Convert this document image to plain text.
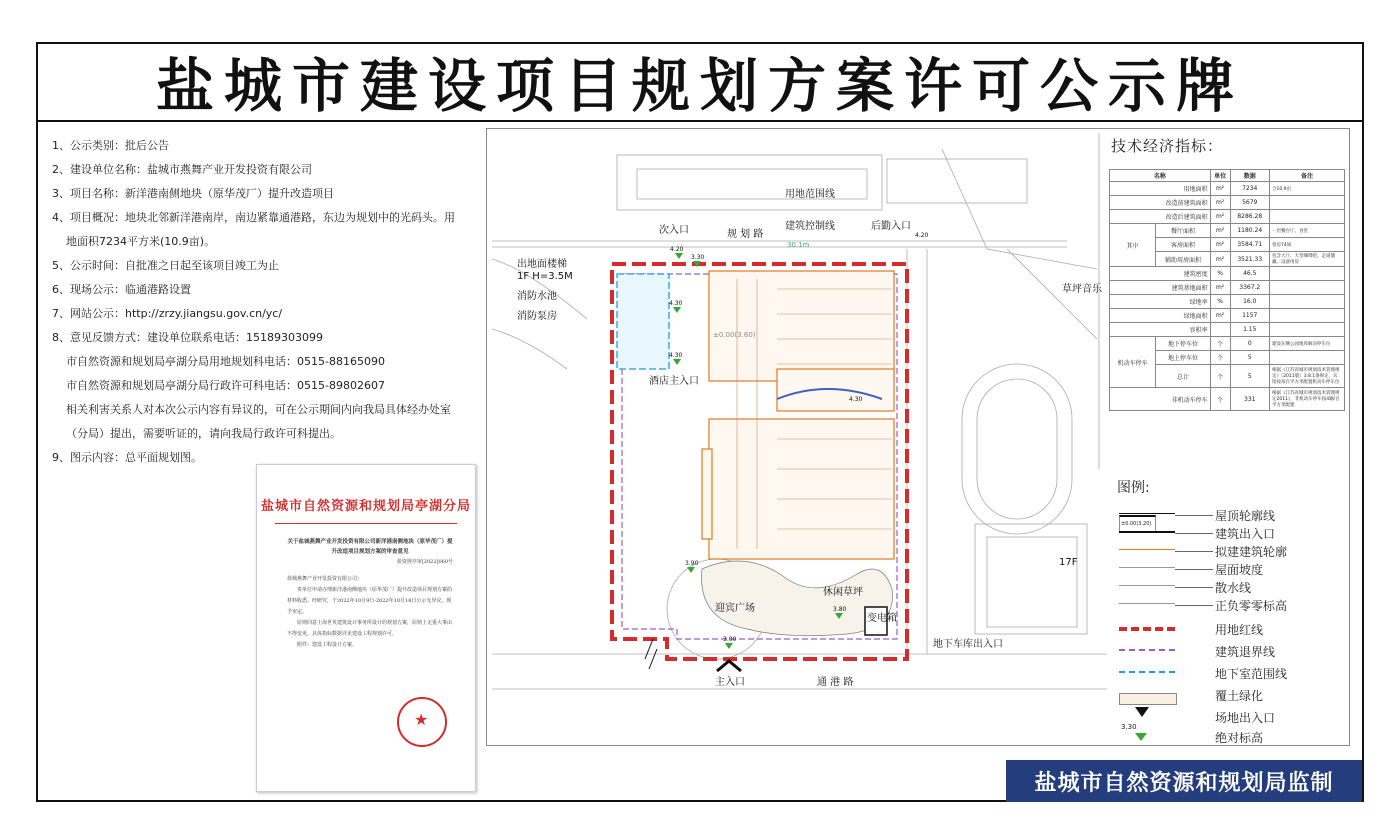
盐城市建设项目规划方案许可公示牌
1、公示类别：批后公告
2、建设单位名称：盐城市燕舞产业开发投资有限公司
3、项目名称：新洋港南侧地块（原华茂厂）提升改造项目
4、项目概况：地块北邻新洋港南岸，南边紧靠通港路，东边为规划中的光码头。用
地面积7234平方米(10.9亩)。
5、公示时间：自批准之日起至该项目竣工为止
6、现场公示：临通港路设置
7、网站公示：http://zrzy.jiangsu.gov.cn/yc/
8、意见反馈方式：建设单位联系电话：15189303099
市自然资源和规划局亭湖分局用地规划科电话：0515-88165090
市自然资源和规划局亭湖分局行政许可科电话：0515-89802607
相关利害关系人对本次公示内容有异议的，可在公示期间内向我局具体经办处室
（分局）提出，需要听证的，请向我局行政许可科提出。
9、图示内容：总平面规划图。
盐城市自然资源和规划局亭湖分局
关于盐城燕舞产业开发投资有限公司新洋港南侧地块（原华茂厂）提升改造项目规划方案的审查意见
盐资规亭审[2022]060号
盐城燕舞产业开发投资有限公司：
贵单位申请办理新洋港南侧地块（原华茂厂）提升改造项目规划方案的材料收悉。经研究，于2022年10月9日-2022年10月18日公示无异议，现予审定。
原则同意上海世英建筑设计事务所设计的规划方案，原则上无重大事由不得变更，具体指标数据详见建设工程规划许可。
附件：建设工程设计方案。
★
用地范围线
建筑控制线
次入口	规 划 路
后勤入口
出地面楼梯
1F H=3.5M
消防水池
消防泵房
酒店主入口
草坪音乐
迎宾广场
休闲草坪
变电箱
地下车库出入口
主入口	通 港 路
17F
±0.00(3.60)
30.1m
4.20
3.30
4.30
4.30
4.30
3.90
3.00
3.80
4.20
技术经济指标：
名称		单位	数据	备注
用地面积		m²	7234	合10.9亩
改造前建筑面积		m²	5679	
改造后建筑面积		m²	8286.28	
其中	餐厅面积	m²	1180.24	一层餐台厅、食堂
	客房面积	m²	3584.71	客房74间
	辅助用房面积	m²	3521.33	包含大厅、大堂咖啡吧、走道储藏、设备用房
建筑密度		%	46.5	
建筑基地面积		m²	3367.2	
绿地率		%	16.0	
绿地面积		m²	1157	
容积率			1.15	
机动车停车	地下停车位	个	0	建设东侧公园地库解决停车位
	地上停车位	个	5	
	总计	个	5	根据《江苏省城市规划技术管理规定》（2011版）3.8.1条规定，宾馆按每百平方米配置机动车停车位
非机动车停车		个	331	根据《江苏省城市规划技术管理规定2011》，非机动车停车按4辆/百平方米配建
图例:
±0.00(3.20)
3.30
屋顶轮廓线
建筑出入口
拟建建筑轮廓
屋面坡度
散水线
正负零零标高
用地红线
建筑退界线
地下室范围线
覆土绿化
场地出入口
绝对标高
盐城市自然资源和规划局监制
